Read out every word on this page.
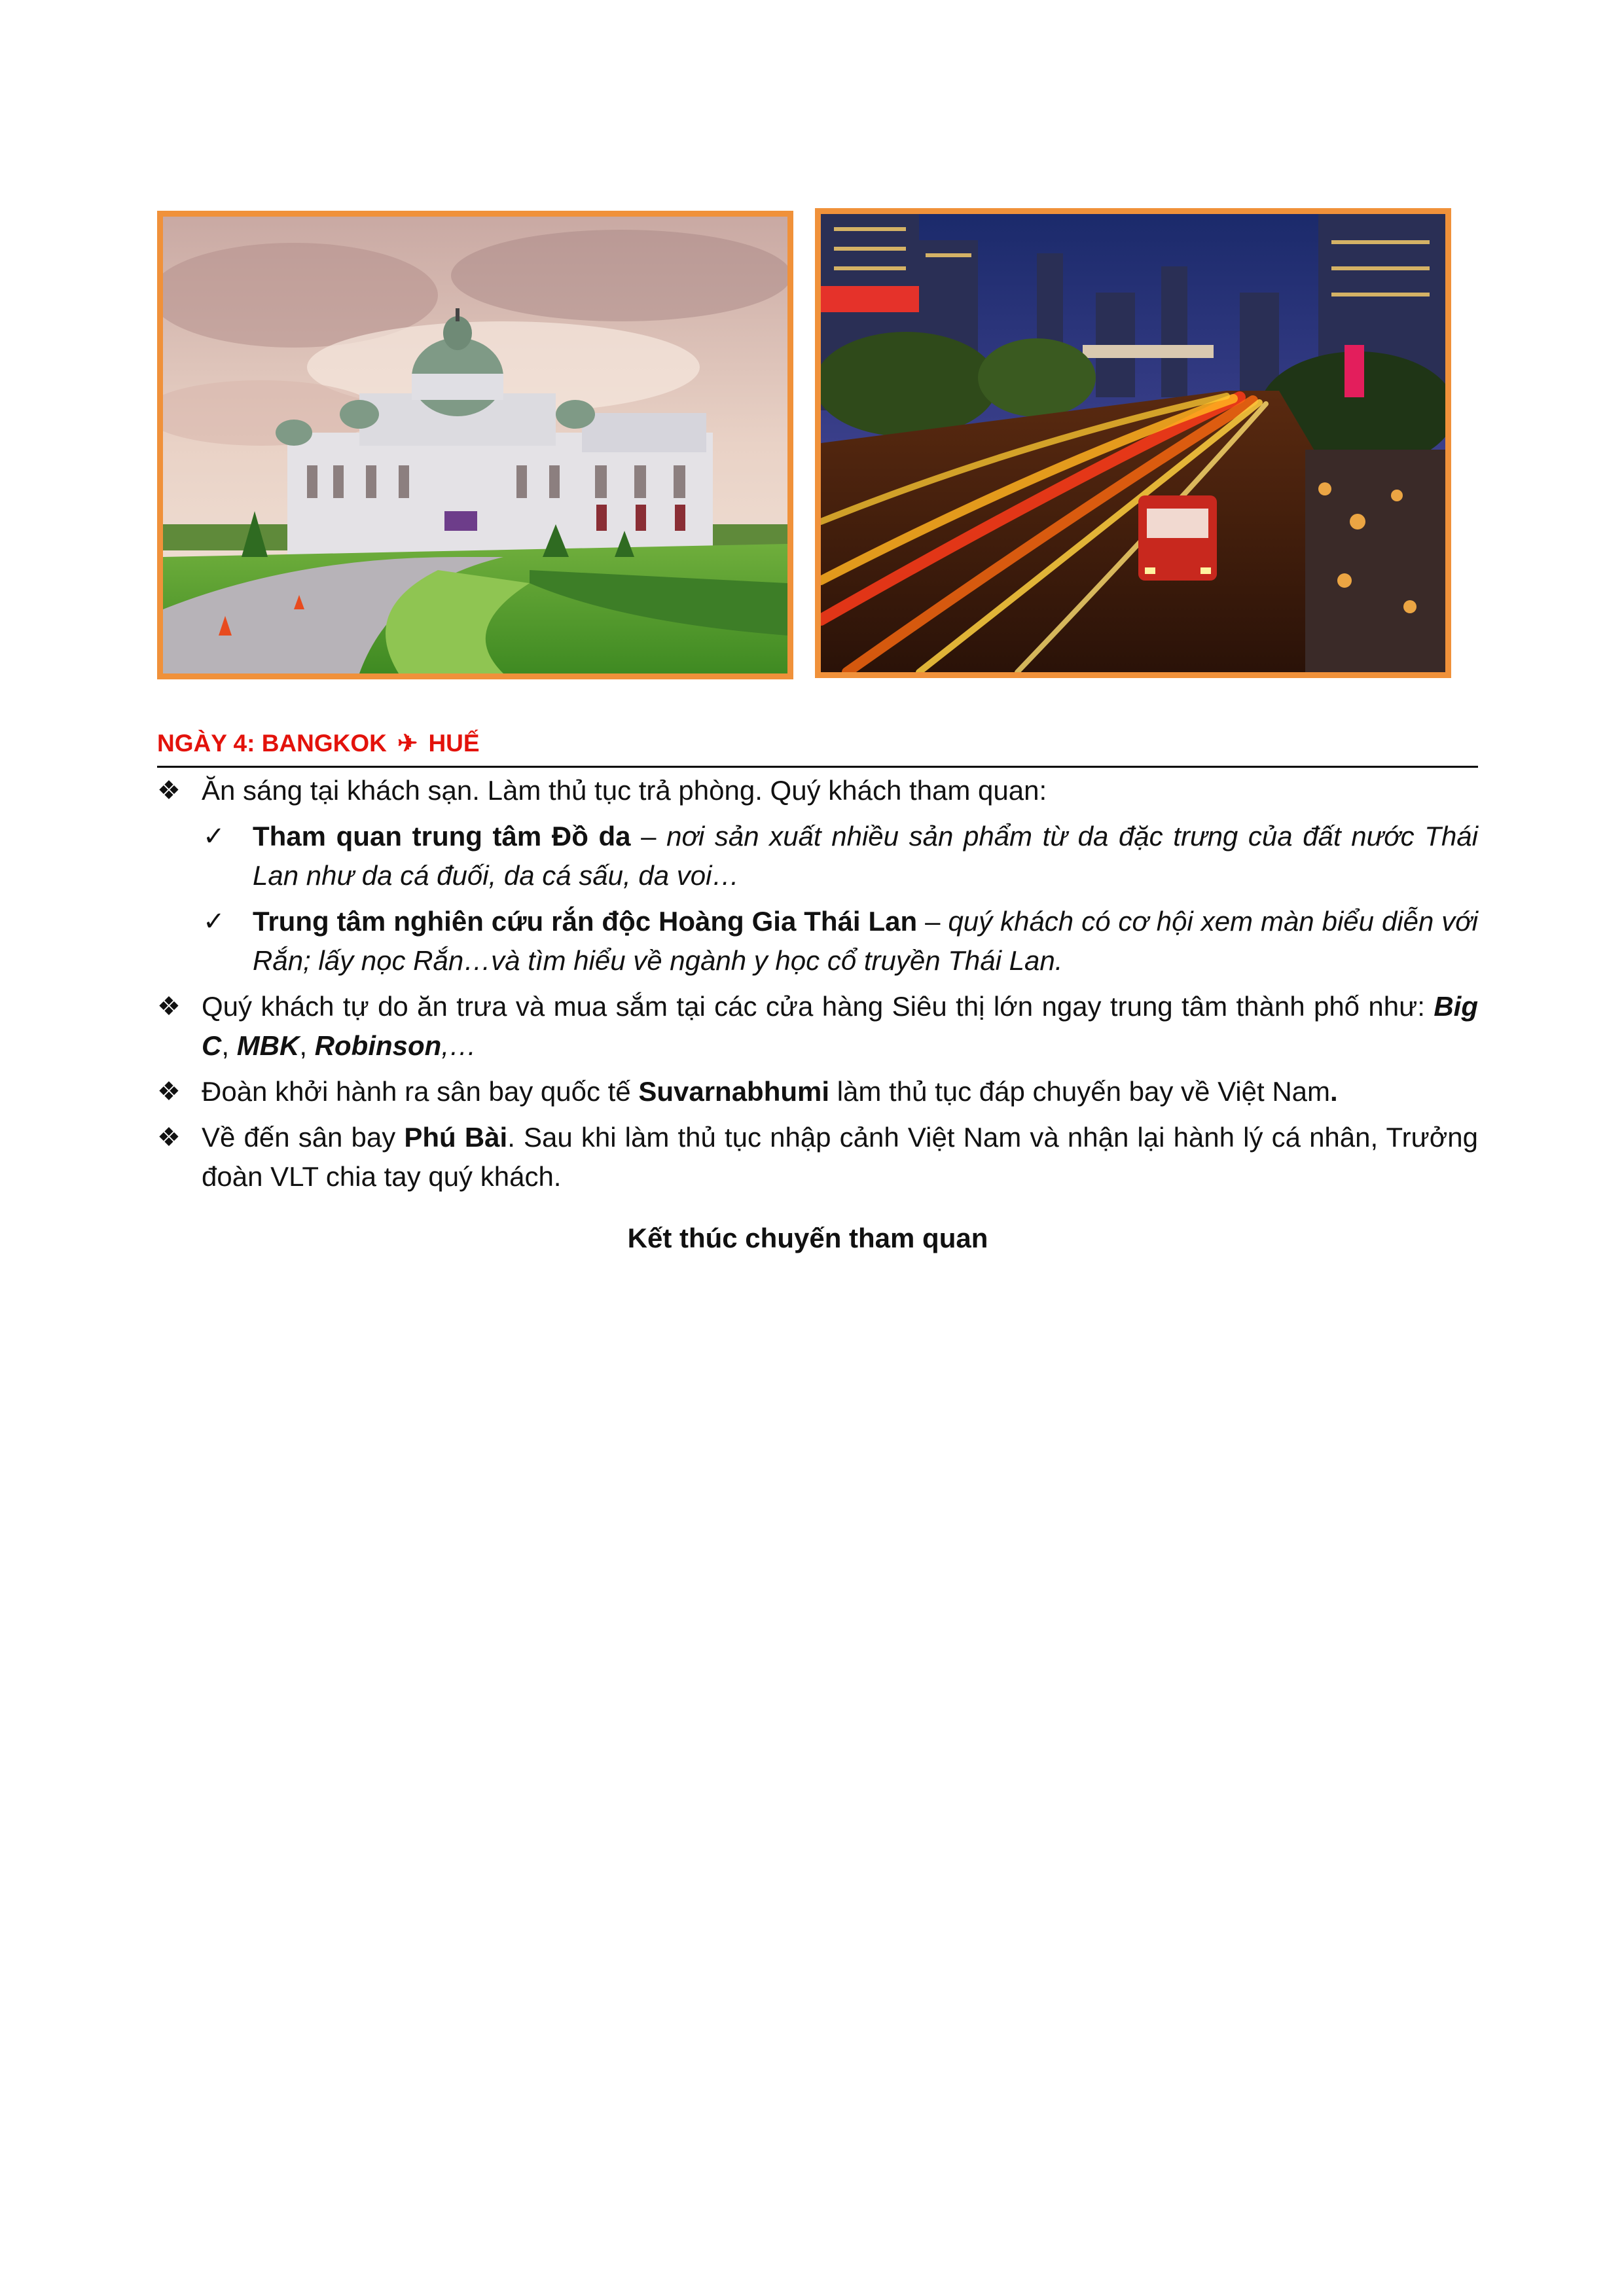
NGÀY 4: BANGKOK ✈ HUẾ
❖ Ăn sáng tại khách sạn. Làm thủ tục trả phòng. Quý khách tham quan:
✓	Tham quan trung tâm Đồ da – nơi sản xuất nhiều sản phẩm từ da đặc trưng của đất nước Thái Lan như da cá đuối, da cá sấu, da voi…
✓	Trung tâm nghiên cứu rắn độc Hoàng Gia Thái Lan – quý khách có cơ hội xem màn biểu diễn với Rắn; lấy nọc Rắn…và tìm hiểu về ngành y học cổ truyền Thái Lan.
❖ Quý khách tự do ăn trưa và mua sắm tại các cửa hàng Siêu thị lớn ngay trung tâm thành phố như: Big C, MBK, Robinson,…
❖ Đoàn khởi hành ra sân bay quốc tế Suvarnabhumi làm thủ tục đáp chuyến bay về Việt Nam.
❖ Về đến sân bay Phú Bài. Sau khi làm thủ tục nhập cảnh Việt Nam và nhận lại hành lý cá nhân, Trưởng đoàn VLT chia tay quý khách.
Kết thúc chuyến tham quan
